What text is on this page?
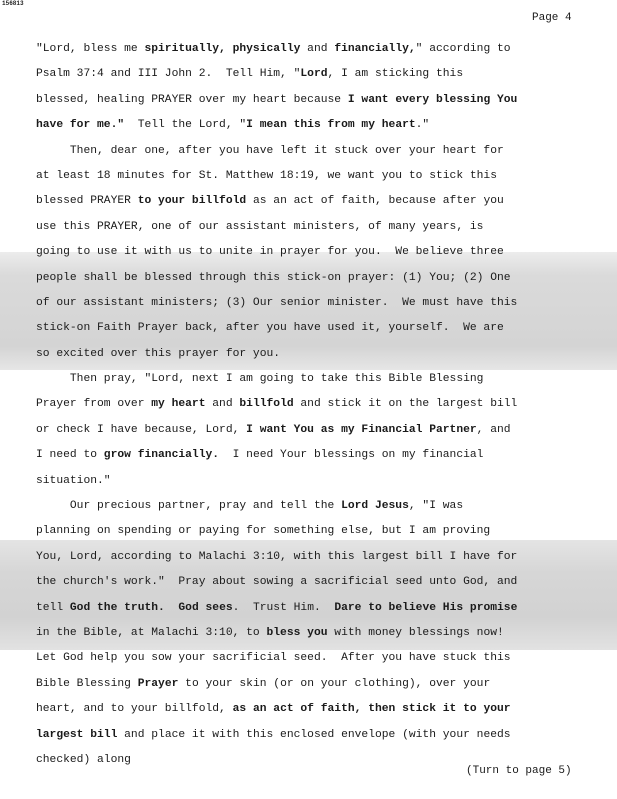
156813
Page 4
"Lord, bless me spiritually, physically and financially," according to
Psalm 37:4 and III John 2.  Tell Him, "Lord, I am sticking this
blessed, healing PRAYER over my heart because I want every blessing You
have for me."  Tell the Lord, "I mean this from my heart."
Then, dear one, after you have left it stuck over your heart for
at least 18 minutes for St. Matthew 18:19, we want you to stick this
blessed PRAYER to your billfold as an act of faith, because after you
use this PRAYER, one of our assistant ministers, of many years, is
going to use it with us to unite in prayer for you.  We believe three
people shall be blessed through this stick-on prayer: (1) You; (2) One
of our assistant ministers; (3) Our senior minister.  We must have this
stick-on Faith Prayer back, after you have used it, yourself.  We are
so excited over this prayer for you.
Then pray, "Lord, next I am going to take this Bible Blessing
Prayer from over my heart and billfold and stick it on the largest bill
or check I have because, Lord, I want You as my Financial Partner, and
I need to grow financially.  I need Your blessings on my financial
situation."
Our precious partner, pray and tell the Lord Jesus, "I was
planning on spending or paying for something else, but I am proving
You, Lord, according to Malachi 3:10, with this largest bill I have for
the church's work."  Pray about sowing a sacrificial seed unto God, and
tell God the truth. God sees.  Trust Him.  Dare to believe His promise
in the Bible, at Malachi 3:10, to bless you with money blessings now!
Let God help you sow your sacrificial seed.  After you have stuck this
Bible Blessing Prayer to your skin (or on your clothing), over your
heart, and to your billfold, as an act of faith, then stick it to your
largest bill and place it with this enclosed envelope (with your needs
checked) along
(Turn to page 5)
